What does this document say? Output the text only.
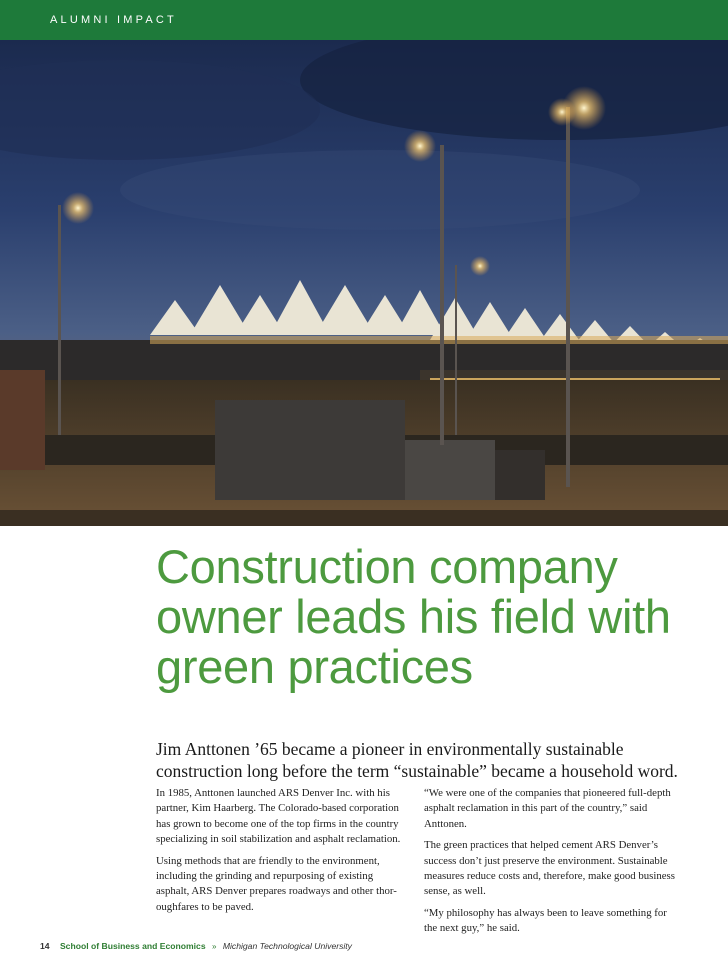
ALUMNI IMPACT
Construction company
owner leads his field with
green practices
Jim Anttonen ’65 became a pioneer in environmentally sustainable
construction long before the term “sustainable” became a household word.

In 1985, Anttonen launched ARS Denver Inc. with his
partner, Kim Haarberg. The Colorado-based corporation
has grown to become one of the top firms in the country
specializing in soil stabilization and asphalt reclamation.

Using methods that are friendly to the environment,
including the grinding and repurposing of existing
asphalt, ARS Denver prepares roadways and other thor-
oughfares to be paved.

“We were one of the companies that pioneered full-depth
asphalt reclamation in this part of the country,” said
Anttonen.

The green practices that helped cement ARS Denver’s
success don’t just preserve the environment. Sustainable
measures reduce costs and, therefore, make good business
sense, as well.

“My philosophy has always been to leave something for
the next guy,” he said.

14 School of Business and Economics » Michigan Technological University
